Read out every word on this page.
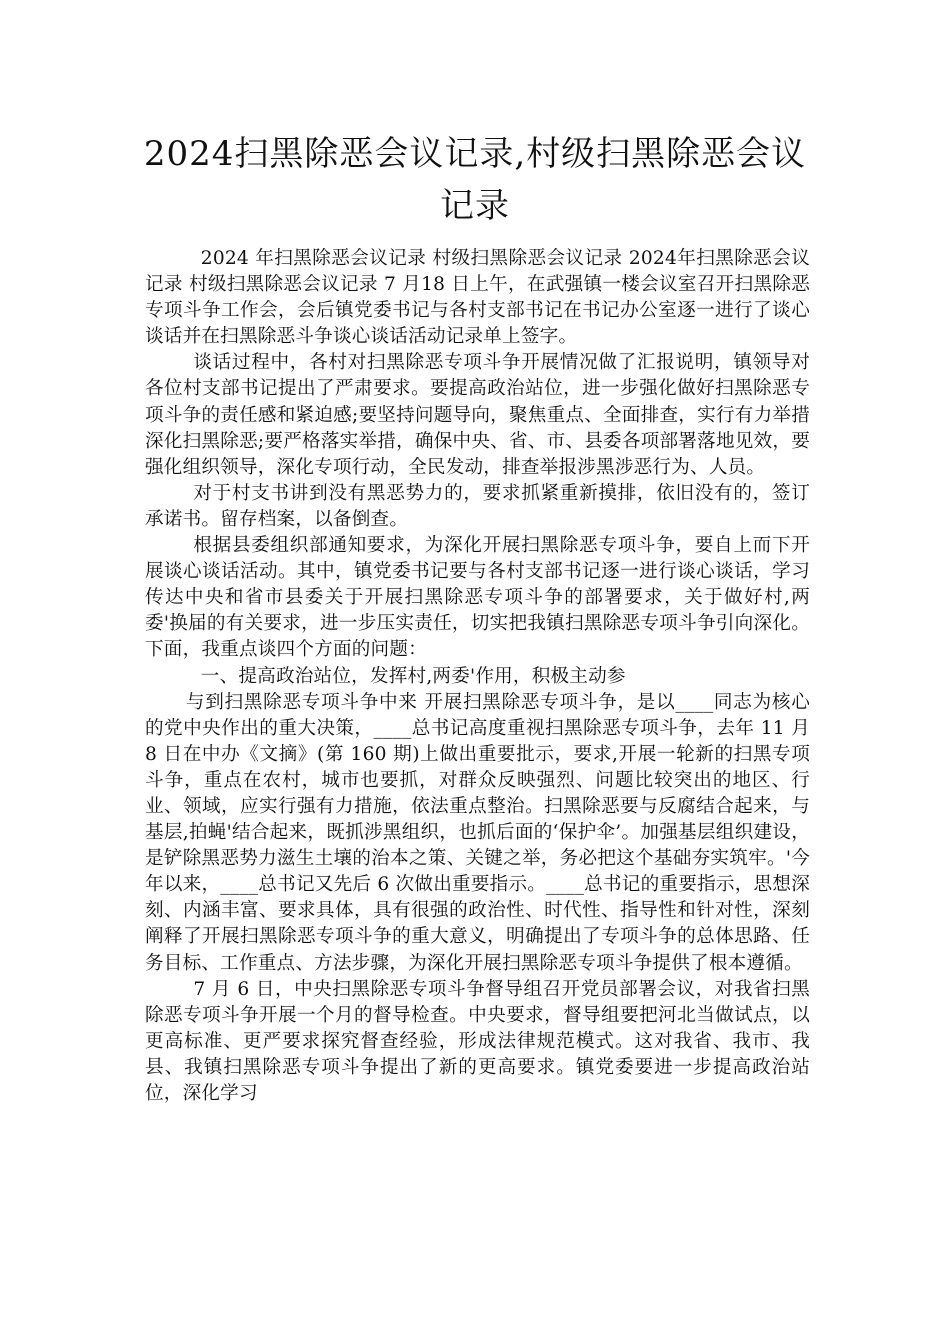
2024扫黑除恶会议记录,村级扫黑除恶会议记录

2024 年扫黑除恶会议记录 村级扫黑除恶会议记录 2024年扫黑除恶会议记录 村级扫黑除恶会议记录 7 月18 日上午，在武强镇一楼会议室召开扫黑除恶专项斗争工作会，会后镇党委书记与各村支部书记在书记办公室逐一进行了谈心谈话并在扫黑除恶斗争谈心谈话活动记录单上签字。

谈话过程中，各村对扫黑除恶专项斗争开展情况做了汇报说明，镇领导对各位村支部书记提出了严肃要求。要提高政治站位，进一步强化做好扫黑除恶专项斗争的责任感和紧迫感;要坚持问题导向，聚焦重点、全面排查，实行有力举措深化扫黑除恶;要严格落实举措，确保中央、省、市、县委各项部署落地见效，要强化组织领导，深化专项行动，全民发动，排查举报涉黑涉恶行为、人员。

对于村支书讲到没有黑恶势力的，要求抓紧重新摸排，依旧没有的，签订承诺书。留存档案，以备倒查。

根据县委组织部通知要求，为深化开展扫黑除恶专项斗争，要自上而下开展谈心谈话活动。其中，镇党委书记要与各村支部书记逐一进行谈心谈话，学习传达中央和省市县委关于开展扫黑除恶专项斗争的部署要求，关于做好村,两委'换届的有关要求，进一步压实责任，切实把我镇扫黑除恶专项斗争引向深化。下面，我重点谈四个方面的问题：

一、提高政治站位，发挥村,两委'作用，积极主动参

与到扫黑除恶专项斗争中来 开展扫黑除恶专项斗争，是以____同志为核心的党中央作出的重大决策，____总书记高度重视扫黑除恶专项斗争，去年 11 月 8 日在中办《文摘》(第 160 期)上做出重要批示，要求,开展一轮新的扫黑专项斗争，重点在农村，城市也要抓，对群众反映强烈、问题比较突出的地区、行业、领域，应实行强有力措施，依法重点整治。扫黑除恶要与反腐结合起来，与基层,拍蝇'结合起来，既抓涉黑组织，也抓后面的‘保护伞’。加强基层组织建设，是铲除黑恶势力滋生土壤的治本之策、关键之举，务必把这个基础夯实筑牢。'今年以来，____总书记又先后 6 次做出重要指示。____总书记的重要指示，思想深刻、内涵丰富、要求具体，具有很强的政治性、时代性、指导性和针对性，深刻阐释了开展扫黑除恶专项斗争的重大意义，明确提出了专项斗争的总体思路、任务目标、工作重点、方法步骤，为深化开展扫黑除恶专项斗争提供了根本遵循。

7 月 6 日，中央扫黑除恶专项斗争督导组召开党员部署会议，对我省扫黑除恶专项斗争开展一个月的督导检查。中央要求，督导组要把河北当做试点，以更高标准、更严要求探究督查经验，形成法律规范模式。这对我省、我市、我县、我镇扫黑除恶专项斗争提出了新的更高要求。镇党委要进一步提高政治站位，深化学习
